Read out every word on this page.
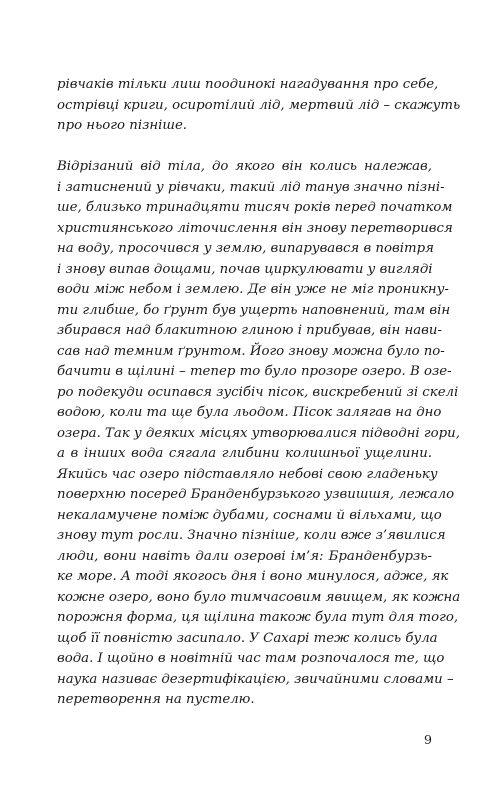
рівчаків тільки лиш поодинокі нагадування про себе,
острівці криги, осиротілий лід, мертвий лід – скажуть
про нього пізніше.
Відрізаний від тіла, до якого він колись належав,
і затиснений у рівчаки, такий лід танув значно пізні-
ше, близько тринадцяти тисяч років перед початком
християнського літочислення він знову перетворився
на воду, просочився у землю, випарувався в повітря
і знову випав дощами, почав циркулювати у вигляді
води між небом і землею. Де він уже не міг проникну-
ти глибше, бо ґрунт був ущерть наповнений, там він
збирався над блакитною глиною і прибував, він нави-
сав над темним ґрунтом. Його знову можна було по-
бачити в щілині – тепер то було прозоре озеро. В озе-
ро подекуди осипався зусібіч пісок, вискребений зі скелі
водою, коли та ще була льодом. Пісок залягав на дно
озера. Так у деяких місцях утворювалися підводні гори,
а в інших вода сягала глибини колишньої ущелини.
Якийсь час озеро підставляло небові свою гладеньку
поверхню посеред Бранденбурзького узвишшя, лежало
некаламучене поміж дубами, соснами й вільхами, що
знову тут росли. Значно пізніше, коли вже з’явилися
люди, вони навіть дали озерові ім’я: Бранденбурзь-
ке море. А тоді якогось дня і воно минулося, адже, як
кожне озеро, воно було тимчасовим явищем, як кожна
порожня форма, ця щілина також була тут для того,
щоб її повністю засипало. У Сахарі теж колись була
вода. І щойно в новітній час там розпочалося те, що
наука називає дезертифікацією, звичайними словами –
перетворення на пустелю.
9
